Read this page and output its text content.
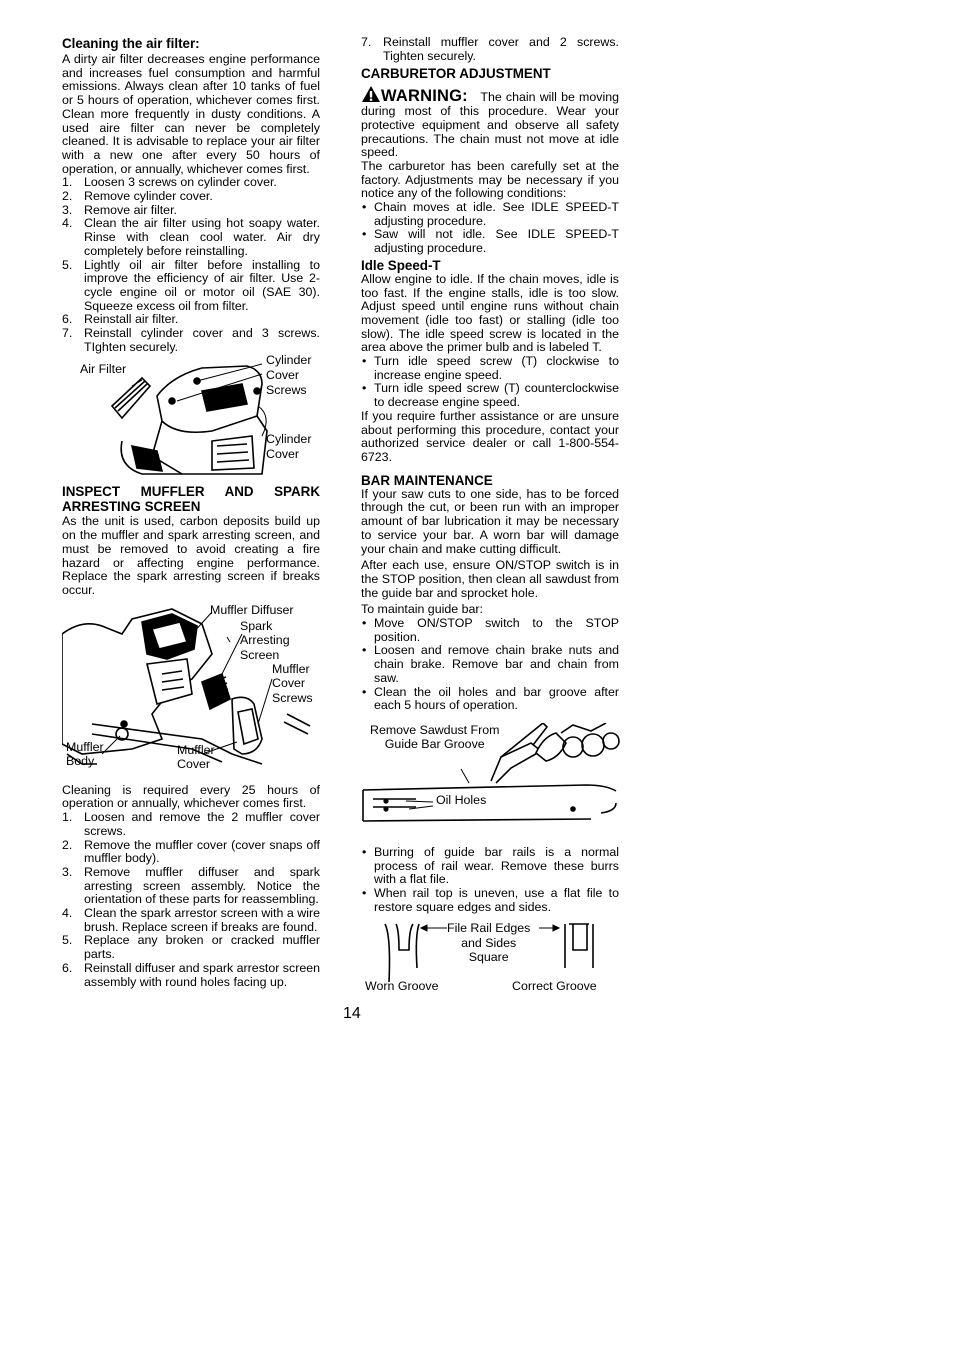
Cleaning the air filter:

A dirty air filter decreases engine performance and increases fuel consumption and harmful emissions. Always clean after 10 tanks of fuel or 5 hours of operation, whichever comes first. Clean more frequently in dusty conditions. A used aire filter can never be completely cleaned. It is advisable to replace your air filter with a new one after every 50 hours of operation, or annually, whichever comes first.

1. Loosen 3 screws on cylinder cover.
2. Remove cylinder cover.
3. Remove air filter.
4. Clean the air filter using hot soapy water. Rinse with clean cool water. Air dry completely before reinstalling.
5. Lightly oil air filter before installing to improve the efficiency of air filter. Use 2-cycle engine oil or motor oil (SAE 30). Squeeze excess oil from filter.
6. Reinstall air filter.
7. Reinstall cylinder cover and 3 screws. TIghten securely.
Air Filter
Cylinder
Cover
Screws
Cylinder
Cover

INSPECT MUFFLER AND SPARK ARRESTING SCREEN

As the unit is used, carbon deposits build up on the muffler and spark arresting screen, and must be removed to avoid creating a fire hazard or affecting engine performance. Replace the spark arresting screen if breaks occur.

Muffler Diffuser
Spark
Arresting
Screen
Muffler
Cover
Screws
Muffler
Body
Muffler
Cover

Cleaning is required every 25 hours of operation or annually, whichever comes first.

1. Loosen and remove the 2 muffler cover screws.
2. Remove the muffler cover (cover snaps off muffler body).
3. Remove muffler diffuser and spark arresting screen assembly. Notice the orientation of these parts for reassembling.
4. Clean the spark arrestor screen with a wire brush. Replace screen if breaks are found.
5. Replace any broken or cracked muffler parts.
6. Reinstall diffuser and spark arrestor screen assembly with round holes facing up.
7. Reinstall muffler cover and 2 screws. Tighten securely.

CARBURETOR ADJUSTMENT

WARNING: The chain will be moving during most of this procedure. Wear your protective equipment and observe all safety precautions. The chain must not move at idle speed.

The carburetor has been carefully set at the factory. Adjustments may be necessary if you notice any of the following conditions:

• Chain moves at idle. See IDLE SPEED-T adjusting procedure.
• Saw will not idle. See IDLE SPEED-T adjusting procedure.

Idle Speed-T

Allow engine to idle. If the chain moves, idle is too fast. If the engine stalls, idle is too slow. Adjust speed until engine runs without chain movement (idle too fast) or stalling (idle too slow). The idle speed screw is located in the area above the primer bulb and is labeled T.

• Turn idle speed screw (T) clockwise to increase engine speed.
• Turn idle speed screw (T) counterclockwise to decrease engine speed.

If you require further assistance or are unsure about performing this procedure, contact your authorized service dealer or call 1-800-554-6723.

BAR MAINTENANCE

If your saw cuts to one side, has to be forced through the cut, or been run with an improper amount of bar lubrication it may be necessary to service your bar. A worn bar will damage your chain and make cutting difficult.

After each use, ensure ON/STOP switch is in the STOP position, then clean all sawdust from the guide bar and sprocket hole.

To maintain guide bar:

• Move ON/STOP switch to the STOP position.
• Loosen and remove chain brake nuts and chain brake. Remove bar and chain from saw.
• Clean the oil holes and bar groove after each 5 hours of operation.
Remove Sawdust From
Guide Bar Groove
Oil Holes
• Burring of guide bar rails is a normal process of rail wear. Remove these burrs with a flat file.
• When rail top is uneven, use a flat file to restore square edges and sides.
File Rail Edges
and Sides
Square
Worn Groove	Correct Groove
14
